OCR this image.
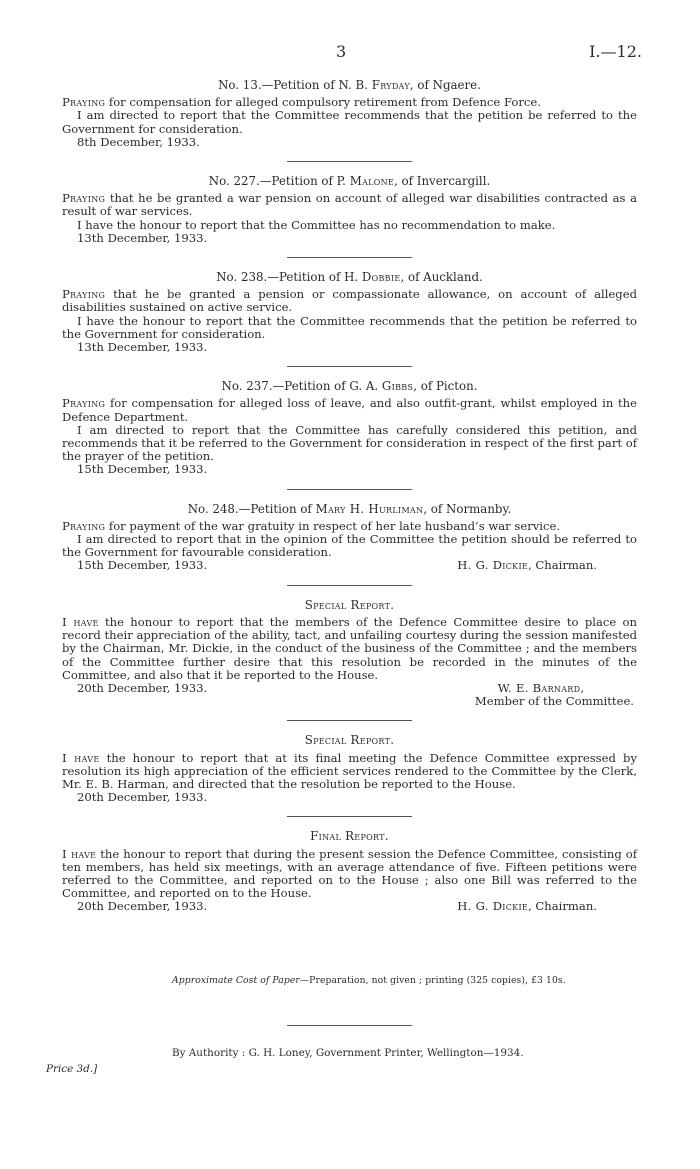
3	I.—12.

No. 13.—Petition of N. B. Fryday, of Ngaere.

Praying for compensation for alleged compulsory retirement from Defence Force.

I am directed to report that the Committee recommends that the petition be referred to the Government for consideration.

8th December, 1933.

No. 227.—Petition of P. Malone, of Invercargill.

Praying that he be granted a war pension on account of alleged war disabilities contracted as a result of war services.

I have the honour to report that the Committee has no recommendation to make.

13th December, 1933.

No. 238.—Petition of H. Dobbie, of Auckland.

Praying that he be granted a pension or compassionate allowance, on account of alleged disabilities sustained on active service.

I have the honour to report that the Committee recommends that the petition be referred to the Government for consideration.

13th December, 1933.

No. 237.—Petition of G. A. Gibbs, of Picton.

Praying for compensation for alleged loss of leave, and also outfit-grant, whilst employed in the Defence Department.

I am directed to report that the Committee has carefully considered this petition, and recommends that it be referred to the Government for consideration in respect of the first part of the prayer of the petition.

15th December, 1933.

No. 248.—Petition of Mary H. Hurliman, of Normanby.

Praying for payment of the war gratuity in respect of her late husband’s war service.

I am directed to report that in the opinion of the Committee the petition should be referred to the Government for favourable consideration.

15th December, 1933.	H. G. Dickie, Chairman.

Special Report.

I have the honour to report that the members of the Defence Committee desire to place on record their appreciation of the ability, tact, and unfailing courtesy during the session manifested by the Chairman, Mr. Dickie, in the conduct of the business of the Committee ; and the members of the Committee further desire that this resolution be recorded in the minutes of the Committee, and also that it be reported to the House.

20th December, 1933.	W. E. Barnard,

Member of the Committee.

Special Report.

I have the honour to report that at its final meeting the Defence Committee expressed by resolution its high appreciation of the efficient services rendered to the Committee by the Clerk, Mr. E. B. Harman, and directed that the resolution be reported to the House.

20th December, 1933.

Final Report.

I have the honour to report that during the present session the Defence Committee, consisting of ten members, has held six meetings, with an average attendance of five. Fifteen petitions were referred to the Committee, and reported on to the House ; also one Bill was referred to the Committee, and reported on to the House.

20th December, 1933.	H. G. Dickie, Chairman.
Approximate Cost of Paper—Preparation, not given ; printing (325 copies), £3 10s.
By Authority : G. H. Loney, Government Printer, Wellington—1934.
Price 3d.]
